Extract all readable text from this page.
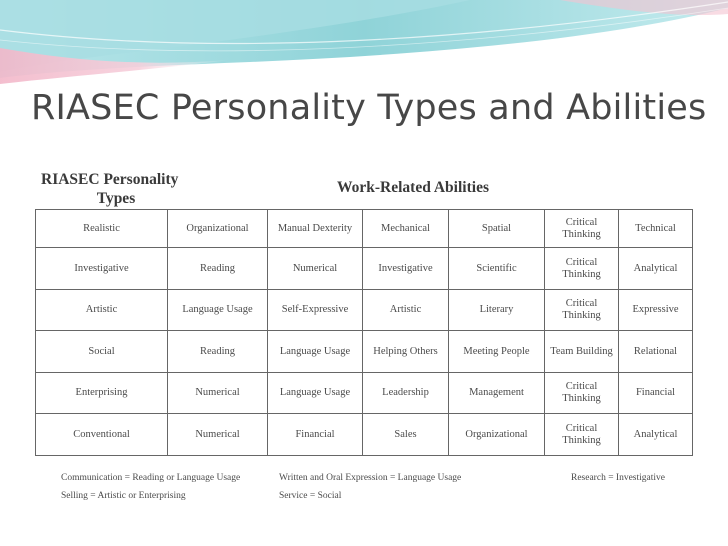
RIASEC Personality Types and Abilities
RIASEC Personality
Types
Work-Related Abilities
Realistic	Organizational	Manual Dexterity	Mechanical	Spatial	Critical Thinking	Technical
Investigative	Reading	Numerical	Investigative	Scientific	Critical Thinking	Analytical
Artistic	Language Usage	Self-Expressive	Artistic	Literary	Critical Thinking	Expressive
Social	Reading	Language Usage	Helping Others	Meeting People	Team Building	Relational
Enterprising	Numerical	Language Usage	Leadership	Management	Critical Thinking	Financial
Conventional	Numerical	Financial	Sales	Organizational	Critical Thinking	Analytical
Communication = Reading or Language Usage	Written and Oral Expression = Language Usage	Research = Investigative
Selling = Artistic or Enterprising	Service = Social
